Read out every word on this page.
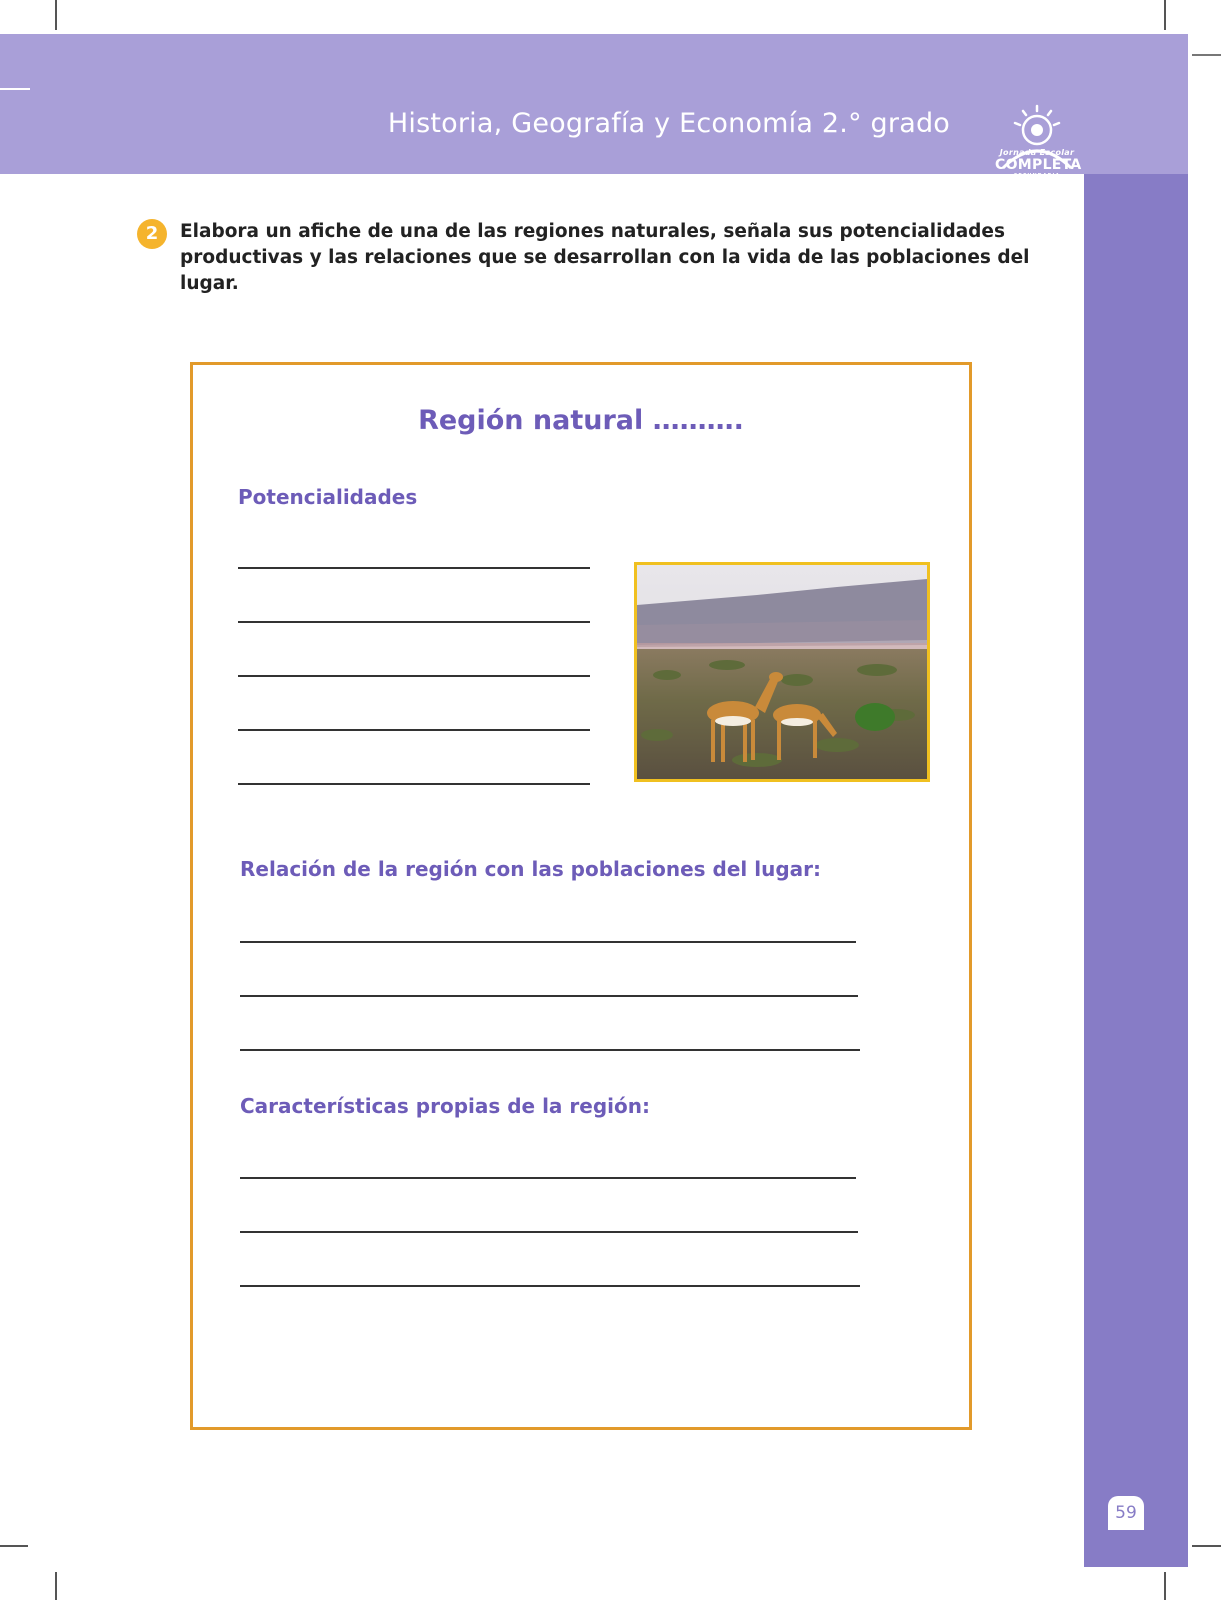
Historia, Geografía y Economía 2.° grado
Jornada Escolar
COMPLETA
SECUNDARIA
59
2	Elabora un afiche de una de las regiones naturales, señala sus potencialidades productivas y las relaciones que se desarrollan con la vida de las poblaciones del lugar.

Región natural ……….

Potencialidades

Relación de la región con las poblaciones del lugar:

Características propias de la región:
